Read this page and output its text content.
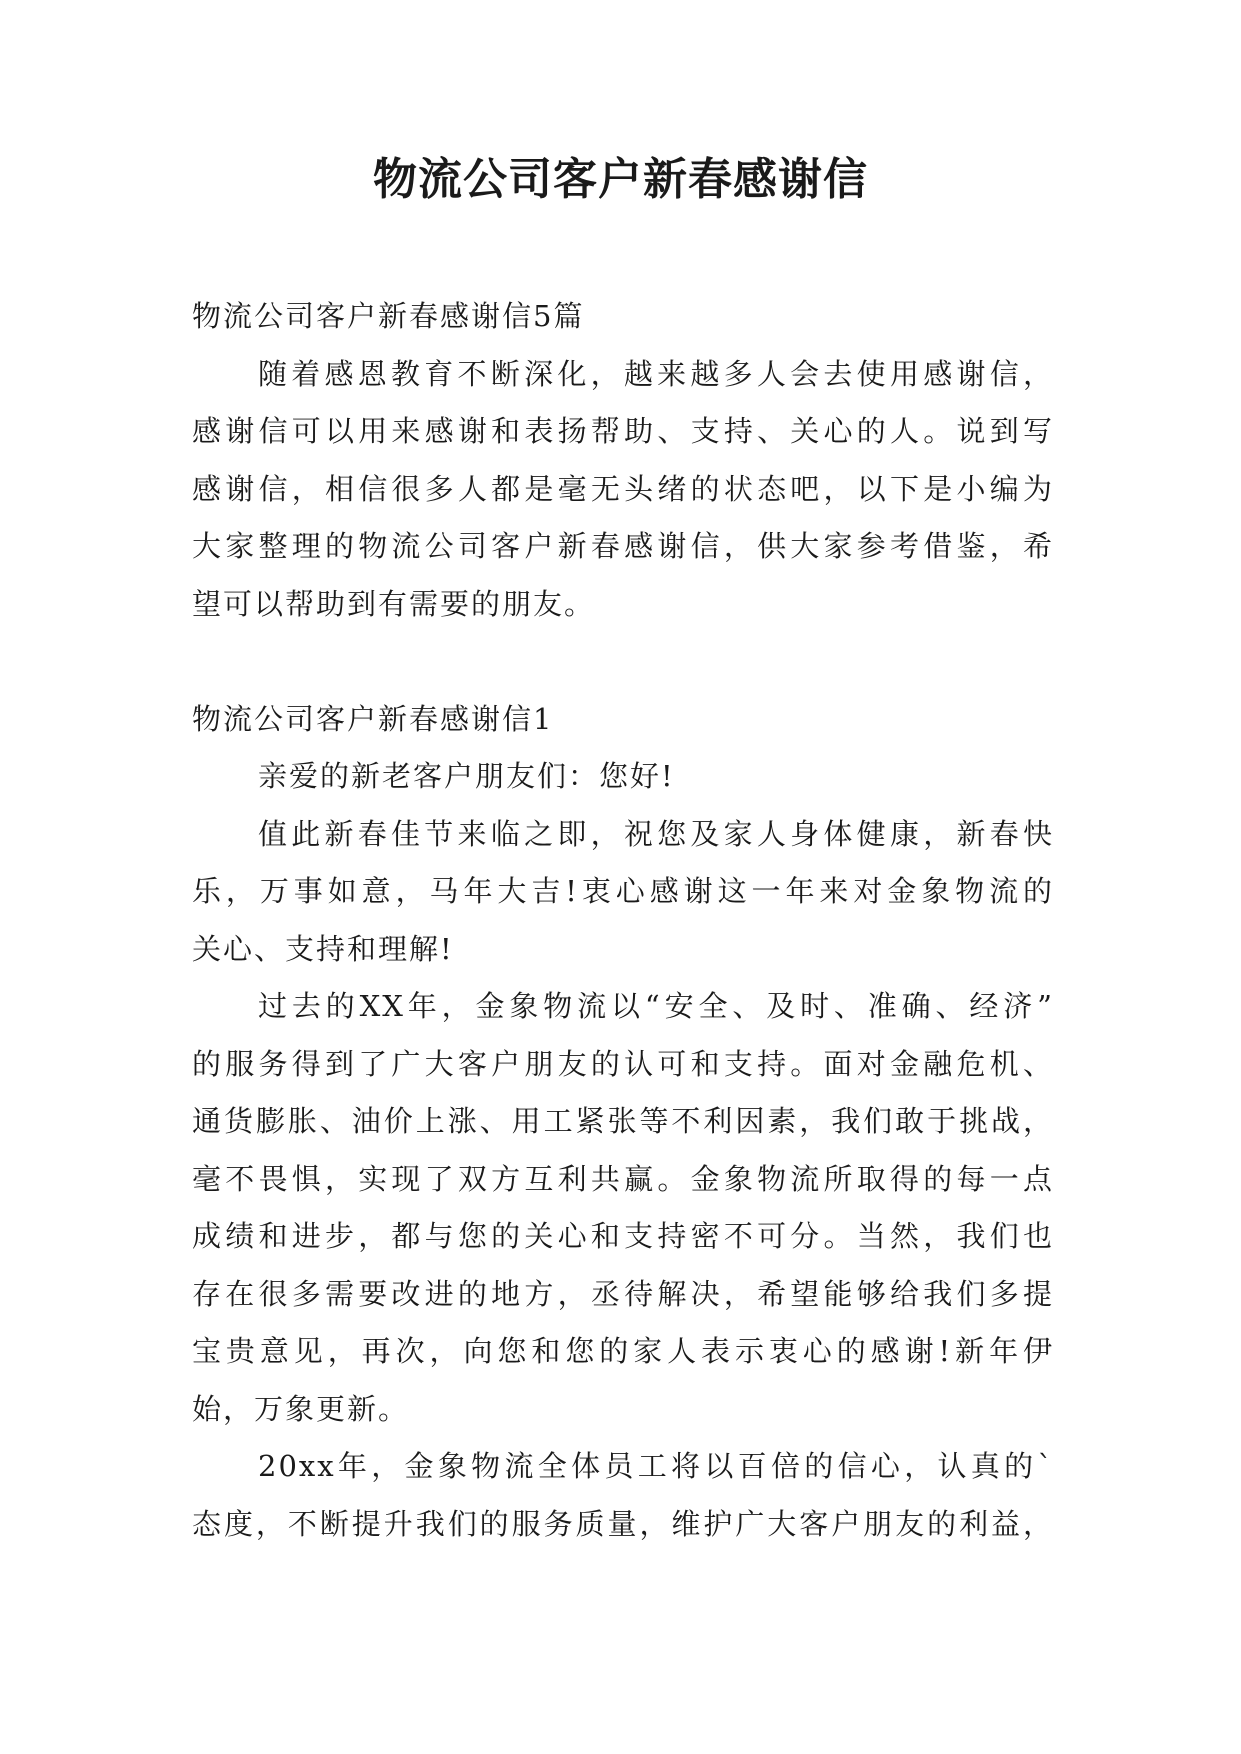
物流公司客户新春感谢信
物流公司客户新春感谢信5篇
随着感恩教育不断深化，越来越多人会去使用感谢信，
感谢信可以用来感谢和表扬帮助、支持、关心的人。说到写
感谢信，相信很多人都是毫无头绪的状态吧，以下是小编为
大家整理的物流公司客户新春感谢信，供大家参考借鉴，希
望可以帮助到有需要的朋友。
物流公司客户新春感谢信1
亲爱的新老客户朋友们：您好!
值此新春佳节来临之即，祝您及家人身体健康，新春快
乐，万事如意，马年大吉!衷心感谢这一年来对金象物流的
关心、支持和理解!
过去的XX年，金象物流以“安全、及时、准确、经济”
的服务得到了广大客户朋友的认可和支持。面对金融危机、
通货膨胀、油价上涨、用工紧张等不利因素，我们敢于挑战，
毫不畏惧，实现了双方互利共赢。金象物流所取得的每一点
成绩和进步，都与您的关心和支持密不可分。当然，我们也
存在很多需要改进的地方，丞待解决，希望能够给我们多提
宝贵意见，再次，向您和您的家人表示衷心的感谢!新年伊
始，万象更新。
20xx年，金象物流全体员工将以百倍的信心，认真的`
态度，不断提升我们的服务质量，维护广大客户朋友的利益，
